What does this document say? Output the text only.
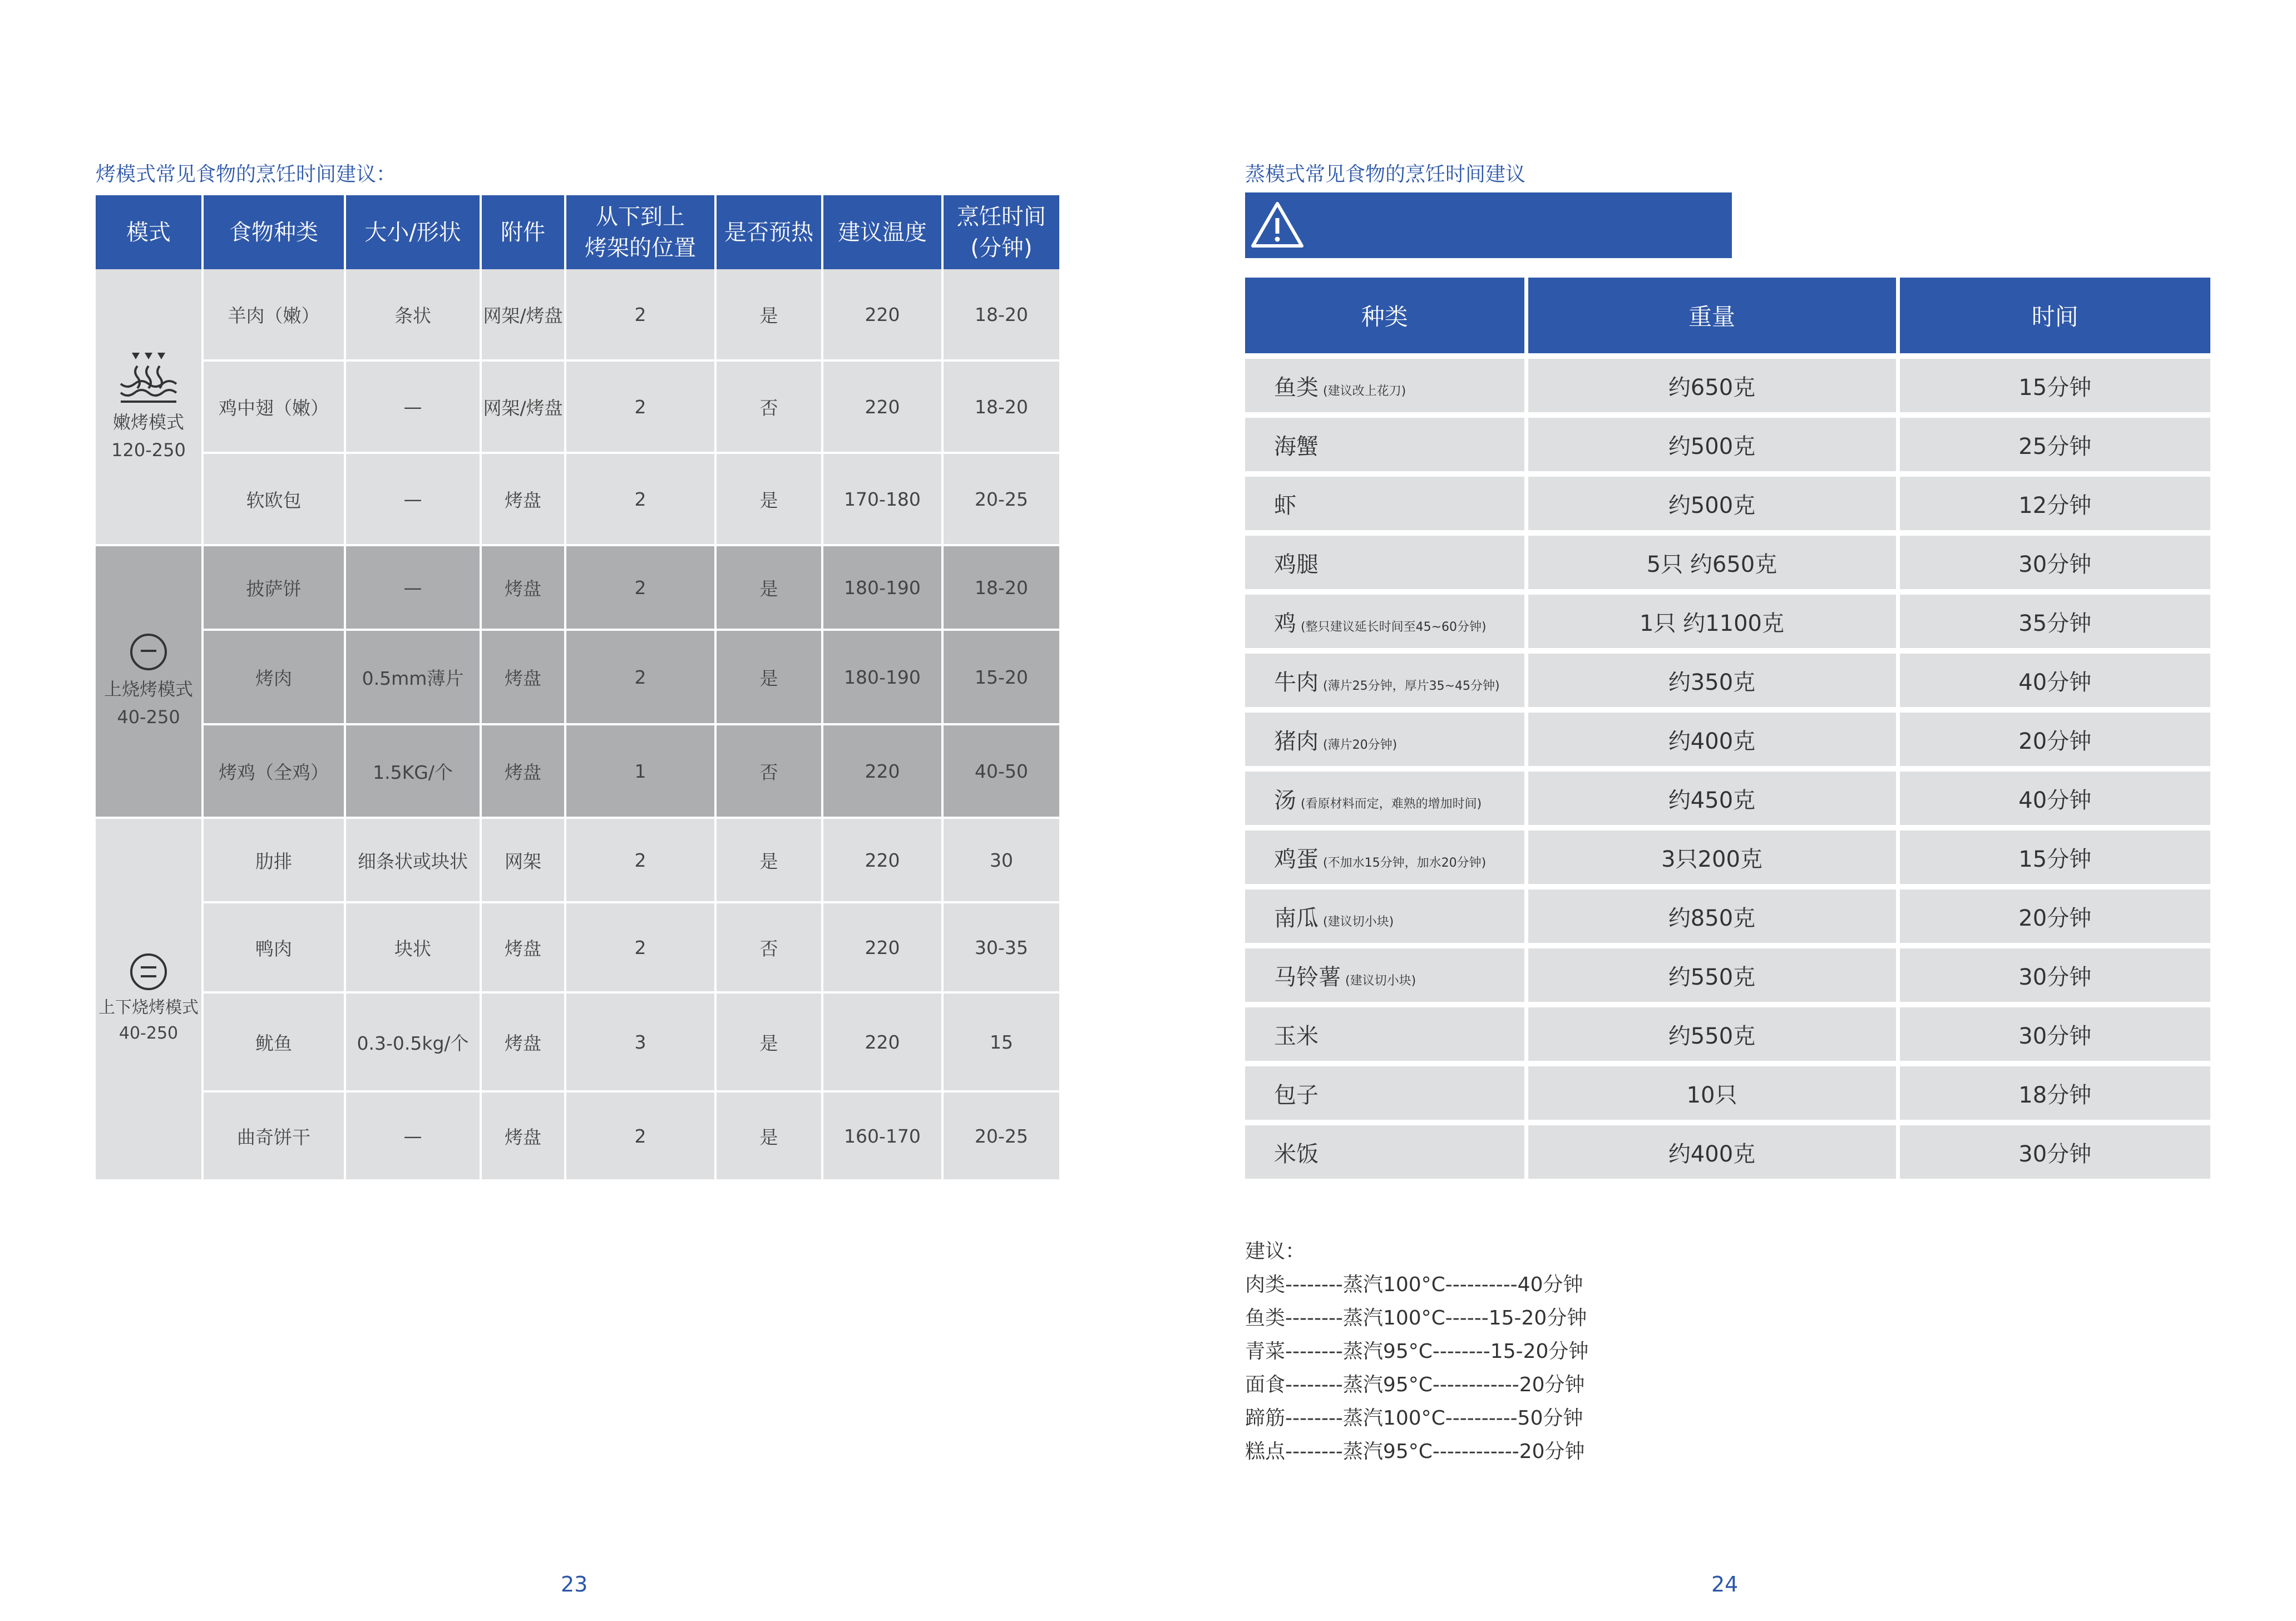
烤模式常见食物的烹饪时间建议：
模式	食物种类	大小/形状	附件	从下到上
烤架的位置	是否预热	建议温度	烹饪时间
(分钟)

嫩烤模式
120-250	羊肉（嫩）	条状	网架/烤盘	2	是	220	18-20
	鸡中翅（嫩）	—	网架/烤盘	2	否	220	18-20
	软欧包	—	烤盘	2	是	170-180	20-25

上烧烤模式
40-250	披萨饼	—	烤盘	2	是	180-190	18-20
	烤肉	0.5mm薄片	烤盘	2	是	180-190	15-20
	烤鸡（全鸡）	1.5KG/个	烤盘	1	否	220	40-50

上下烧烤模式
40-250	肋排	细条状或块状	网架	2	是	220	30
	鸭肉	块状	烤盘	2	否	220	30-35
	鱿鱼	0.3-0.5kg/个	烤盘	3	是	220	15
	曲奇饼干	—	烤盘	2	是	160-170	20-25
23
蒸模式常见食物的烹饪时间建议
种类	重量	时间
鱼类 (建议改上花刀)	约650克	15分钟
海蟹	约500克	25分钟
虾	约500克	12分钟
鸡腿	5只 约650克	30分钟
鸡 (整只建议延长时间至45~60分钟)	1只 约1100克	35分钟
牛肉 (薄片25分钟，厚片35~45分钟)	约350克	40分钟
猪肉 (薄片20分钟)	约400克	20分钟
汤 (看原材料而定，难熟的增加时间)	约450克	40分钟
鸡蛋 (不加水15分钟，加水20分钟)	3只200克	15分钟
南瓜 (建议切小块)	约850克	20分钟
马铃薯 (建议切小块)	约550克	30分钟
玉米	约550克	30分钟
包子	10只	18分钟
米饭	约400克	30分钟
建议：
肉类--------蒸汽100°C----------40分钟
鱼类--------蒸汽100°C------15-20分钟
青菜--------蒸汽95°C--------15-20分钟
面食--------蒸汽95°C------------20分钟
蹄筋--------蒸汽100°C----------50分钟
糕点--------蒸汽95°C------------20分钟
24
